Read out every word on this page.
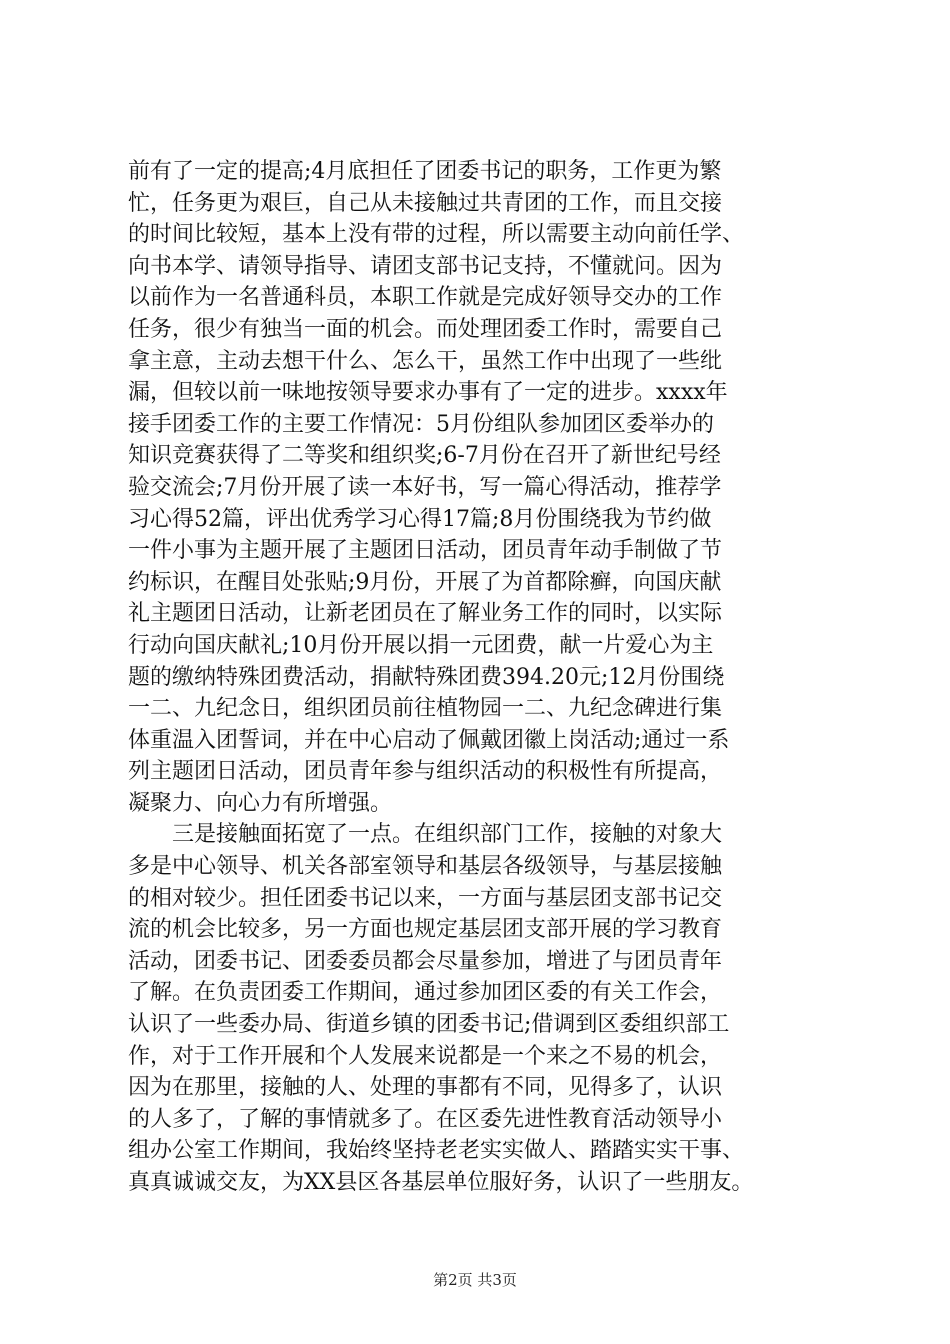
前有了一定的提高;4月底担任了团委书记的职务，工作更为繁
忙，任务更为艰巨，自己从未接触过共青团的工作，而且交接
的时间比较短，基本上没有带的过程，所以需要主动向前任学、
向书本学、请领导指导、请团支部书记支持，不懂就问。因为
以前作为一名普通科员，本职工作就是完成好领导交办的工作
任务，很少有独当一面的机会。而处理团委工作时，需要自己
拿主意，主动去想干什么、怎么干，虽然工作中出现了一些纰
漏，但较以前一味地按领导要求办事有了一定的进步。xxxx年
接手团委工作的主要工作情况：5月份组队参加团区委举办的
知识竞赛获得了二等奖和组织奖;6-7月份在召开了新世纪号经
验交流会;7月份开展了读一本好书，写一篇心得活动，推荐学
习心得52篇，评出优秀学习心得17篇;8月份围绕我为节约做
一件小事为主题开展了主题团日活动，团员青年动手制做了节
约标识，在醒目处张贴;9月份，开展了为首都除癣，向国庆献
礼主题团日活动，让新老团员在了解业务工作的同时，以实际
行动向国庆献礼;10月份开展以捐一元团费，献一片爱心为主
题的缴纳特殊团费活动，捐献特殊团费394.20元;12月份围绕
一二、九纪念日，组织团员前往植物园一二、九纪念碑进行集
体重温入团誓词，并在中心启动了佩戴团徽上岗活动;通过一系
列主题团日活动，团员青年参与组织活动的积极性有所提高，
凝聚力、向心力有所增强。
　　三是接触面拓宽了一点。在组织部门工作，接触的对象大
多是中心领导、机关各部室领导和基层各级领导，与基层接触
的相对较少。担任团委书记以来，一方面与基层团支部书记交
流的机会比较多，另一方面也规定基层团支部开展的学习教育
活动，团委书记、团委委员都会尽量参加，增进了与团员青年
了解。在负责团委工作期间，通过参加团区委的有关工作会，
认识了一些委办局、街道乡镇的团委书记;借调到区委组织部工
作，对于工作开展和个人发展来说都是一个来之不易的机会，
因为在那里，接触的人、处理的事都有不同，见得多了，认识
的人多了，了解的事情就多了。在区委先进性教育活动领导小
组办公室工作期间，我始终坚持老老实实做人、踏踏实实干事、
真真诚诚交友，为XX县区各基层单位服好务，认识了一些朋友。
第2页 共3页
